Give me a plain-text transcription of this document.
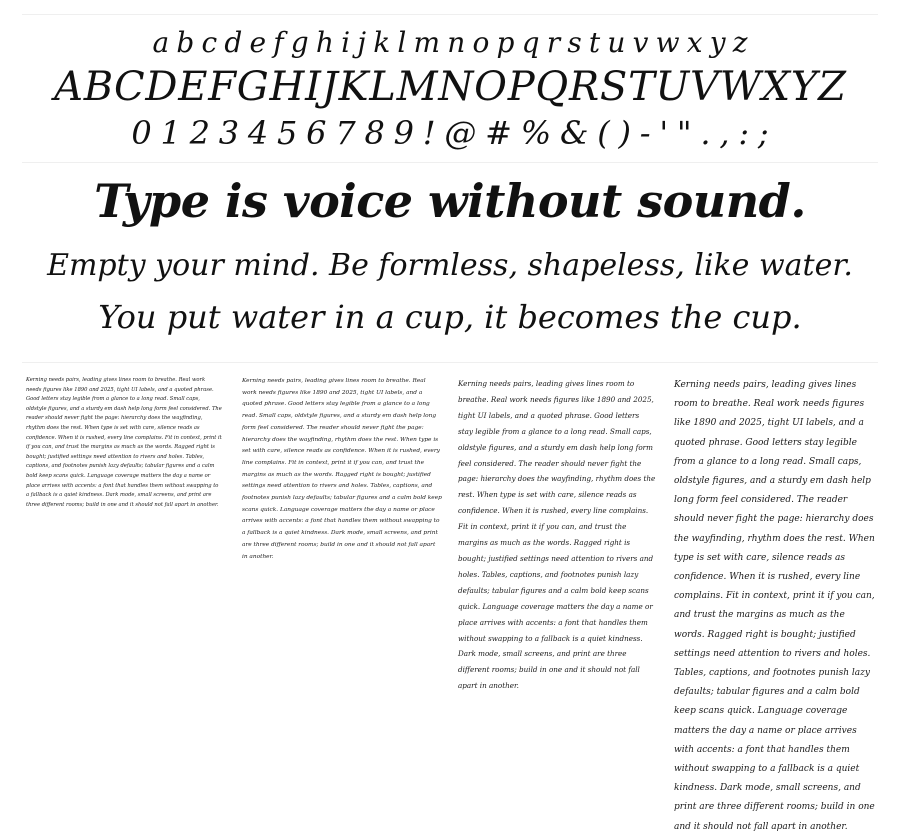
a b c d e f g h i j k l m n o p q r s t u v w x y z
A B C D E F G H I J K L M N O P Q R S T U V W X Y Z
0 1 2 3 4 5 6 7 8 9 ! @ # % & ( ) - ' " . , : ;
Type is voice without sound.
Empty your mind. Be formless, shapeless, like water.
You put water in a cup, it becomes the cup.
Kerning needs pairs, leading gives lines room to breathe. Real work needs figures like 1890 and 2025, tight UI labels, and a quoted phrase. Good letters stay legible from a glance to a long read. Small caps, oldstyle figures, and a sturdy em dash help long form feel considered. The reader should never fight the page: hierarchy does the wayfinding, rhythm does the rest. When type is set with care, silence reads as confidence. When it is rushed, every line complains. Fit in context, print it if you can, and trust the margins as much as the words. Ragged right is bought; justified settings need attention to rivers and holes. Tables, captions, and footnotes punish lazy defaults; tabular figures and a calm bold keep scans quick. Language coverage matters the day a name or place arrives with accents: a font that handles them without swapping to a fallback is a quiet kindness. Dark mode, small screens, and print are three different rooms; build in one and it should not fall apart in another.
Kerning needs pairs, leading gives lines room to breathe. Real work needs figures like 1890 and 2025, tight UI labels, and a quoted phrase. Good letters stay legible from a glance to a long read. Small caps, oldstyle figures, and a sturdy em dash help long form feel considered. The reader should never fight the page: hierarchy does the wayfinding, rhythm does the rest. When type is set with care, silence reads as confidence. When it is rushed, every line complains. Fit in context, print it if you can, and trust the margins as much as the words. Ragged right is bought; justified settings need attention to rivers and holes. Tables, captions, and footnotes punish lazy defaults; tabular figures and a calm bold keep scans quick. Language coverage matters the day a name or place arrives with accents: a font that handles them without swapping to a fallback is a quiet kindness. Dark mode, small screens, and print are three different rooms; build in one and it should not fall apart in another.
Kerning needs pairs, leading gives lines room to breathe. Real work needs figures like 1890 and 2025, tight UI labels, and a quoted phrase. Good letters stay legible from a glance to a long read. Small caps, oldstyle figures, and a sturdy em dash help long form feel considered. The reader should never fight the page: hierarchy does the wayfinding, rhythm does the rest. When type is set with care, silence reads as confidence. When it is rushed, every line complains. Fit in context, print it if you can, and trust the margins as much as the words. Ragged right is bought; justified settings need attention to rivers and holes. Tables, captions, and footnotes punish lazy defaults; tabular figures and a calm bold keep scans quick. Language coverage matters the day a name or place arrives with accents: a font that handles them without swapping to a fallback is a quiet kindness. Dark mode, small screens, and print are three different rooms; build in one and it should not fall apart in another.
Kerning needs pairs, leading gives lines room to breathe. Real work needs figures like 1890 and 2025, tight UI labels, and a quoted phrase. Good letters stay legible from a glance to a long read. Small caps, oldstyle figures, and a sturdy em dash help long form feel considered. The reader should never fight the page: hierarchy does the wayfinding, rhythm does the rest. When type is set with care, silence reads as confidence. When it is rushed, every line complains. Fit in context, print it if you can, and trust the margins as much as the words. Ragged right is bought; justified settings need attention to rivers and holes. Tables, captions, and footnotes punish lazy defaults; tabular figures and a calm bold keep scans quick. Language coverage matters the day a name or place arrives with accents: a font that handles them without swapping to a fallback is a quiet kindness. Dark mode, small screens, and print are three different rooms; build in one and it should not fall apart in another.
